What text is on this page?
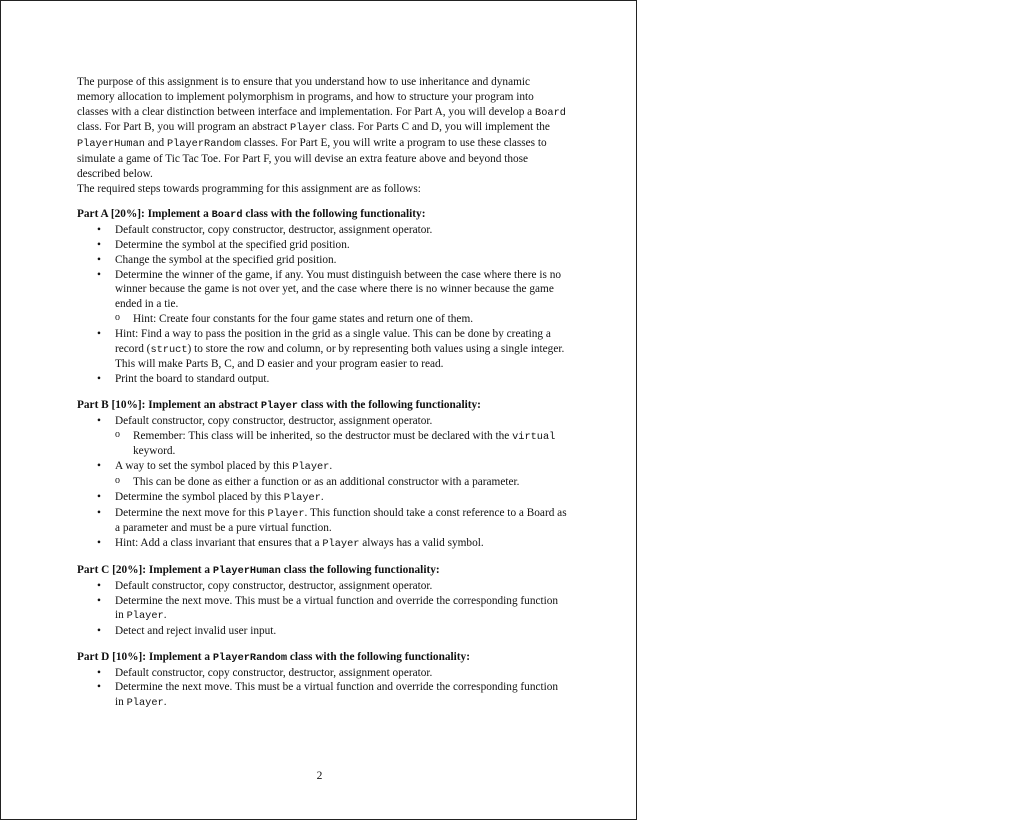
The purpose of this assignment is to ensure that you understand how to use inheritance and dynamic memory allocation to implement polymorphism in programs, and how to structure your program into classes with a clear distinction between interface and implementation. For Part A, you will develop a Board class. For Part B, you will program an abstract Player class. For Parts C and D, you will implement the PlayerHuman and PlayerRandom classes. For Part E, you will write a program to use these classes to simulate a game of Tic Tac Toe. For Part F, you will devise an extra feature above and beyond those described below.

The required steps towards programming for this assignment are as follows:

Part A [20%]: Implement a Board class with the following functionality:

• Default constructor, copy constructor, destructor, assignment operator.
• Determine the symbol at the specified grid position.
• Change the symbol at the specified grid position.
• Determine the winner of the game, if any. You must distinguish between the case where there is no winner because the game is not over yet, and the case where there is no winner because the game ended in a tie.
o Hint: Create four constants for the four game states and return one of them.
• Hint: Find a way to pass the position in the grid as a single value. This can be done by creating a record (struct) to store the row and column, or by representing both values using a single integer. This will make Parts B, C, and D easier and your program easier to read.
• Print the board to standard output.

Part B [10%]: Implement an abstract Player class with the following functionality:

• Default constructor, copy constructor, destructor, assignment operator.
o Remember: This class will be inherited, so the destructor must be declared with the virtual keyword.
• A way to set the symbol placed by this Player.
o This can be done as either a function or as an additional constructor with a parameter.
• Determine the symbol placed by this Player.
• Determine the next move for this Player. This function should take a const reference to a Board as a parameter and must be a pure virtual function.
• Hint: Add a class invariant that ensures that a Player always has a valid symbol.

Part C [20%]: Implement a PlayerHuman class the following functionality:

• Default constructor, copy constructor, destructor, assignment operator.
• Determine the next move. This must be a virtual function and override the corresponding function in Player.
• Detect and reject invalid user input.

Part D [10%]: Implement a PlayerRandom class with the following functionality:

• Default constructor, copy constructor, destructor, assignment operator.
• Determine the next move. This must be a virtual function and override the corresponding function in Player.
2
